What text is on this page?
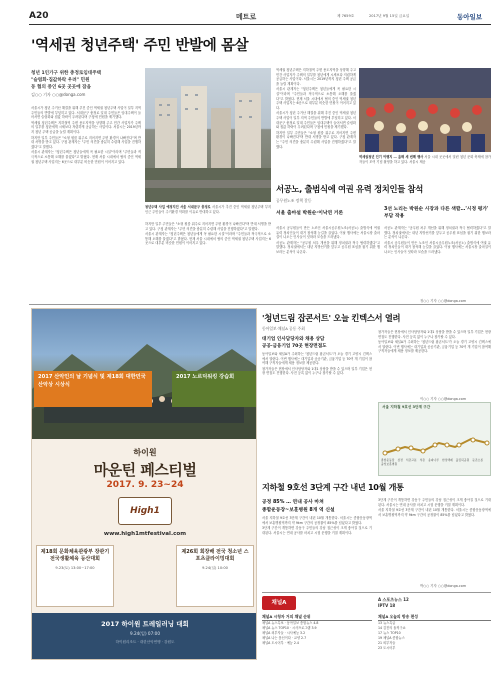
A20	메트로	제 7659호	2017년 9월 15일 금요일	동아일보
'역세권 청년주택' 주민 반발에 몸살
청년 1인가구 위한 충정로임대주택
"슬럼화·집값하락 우려" 민원
동 협의 중인 6곳 곳곳에 잡음
김○○ 기자 ○○@donga.com

서울시가 청년 주거난 해결을 위해 추진 중인 역세권 청년주택 사업이 일부 지역 주민들의 반발에 부딪히고 있다. 서대문구 충정로 일대 주민들은 임대주택이 들어서면 슬럼화와 집값 하락이 우려된다며 구청에 민원을 제기했다.

역세권 청년주택은 지하철역 주변 용도지역을 상향해 주고 민간 사업자가 주택의 일부를 청년에게 시세보다 저렴하게 공급하는 사업이다. 서울시는 2019년까지 청년 주택 공급을 늘릴 계획이다.

하지만 일부 주민들은 "소형 원룸 위주로 지어지면 주변 환경이 나빠진다"며 반대 서명을 받고 있다. 구청 관계자는 "주민 의견을 충분히 수렴해 사업을 진행하겠다"고 말했다.

서울시 관계자는 "청년주택은 청년들에게 꼭 필요한 시설"이라며 "주민들과 적극적으로 소통해 오해를 풀겠다"고 밝혔다. 현재 서울 시내에서 협의 중인 역세권 청년주택 사업지는 6곳으로 대부분 비슷한 민원이 이어지고 있다.

청년주택 사업 예정지인 서울 서대문구 충정로 서울시가 추진 중인 역세권 청년주택 부지 인근 주민들이 주거환경 악화를 이유로 반대하고 있다.

하지만 일부 주민들은 "소형 원룸 위주로 지어지면 주변 환경이 나빠진다"며 반대 서명을 받고 있다. 구청 관계자는 "주민 의견을 충분히 수렴해 사업을 진행하겠다"고 말했다.

서울시 관계자는 "청년주택은 청년들에게 꼭 필요한 시설"이라며 "주민들과 적극적으로 소통해 오해를 풀겠다"고 밝혔다. 현재 서울 시내에서 협의 중인 역세권 청년주택 사업지는 6곳으로 대부분 비슷한 민원이 이어지고 있다.

역세권 청년주택은 지하철역 주변 용도지역을 상향해 주고 민간 사업자가 주택의 일부를 청년에게 시세보다 저렴하게 공급하는 사업이다. 서울시는 2019년까지 청년 주택 공급을 늘릴 계획이다.

서울시 관계자는 "청년주택은 청년들에게 꼭 필요한 시설"이라며 "주민들과 적극적으로 소통해 오해를 풀겠다"고 밝혔다. 현재 서울 시내에서 협의 중인 역세권 청년주택 사업지는 6곳으로 대부분 비슷한 민원이 이어지고 있다.

서울시가 청년 주거난 해결을 위해 추진 중인 역세권 청년주택 사업이 일부 지역 주민들의 반발에 부딪히고 있다. 서대문구 충정로 일대 주민들은 임대주택이 들어서면 슬럼화와 집값 하락이 우려된다며 구청에 민원을 제기했다.

하지만 일부 주민들은 "소형 원룸 위주로 지어지면 주변 환경이 나빠진다"며 반대 서명을 받고 있다. 구청 관계자는 "주민 의견을 충분히 수렴해 사업을 진행하겠다"고 말했다.

역세권청년 인기 여행지 … 올해 세 번째 행사 서울 시내 곳곳에서 열린 청년 문화 축제에 참가자들이 모여 기념 촬영을 하고 있다. 서울시 제공
서공노, 출범식에 여권 유력 정치인들 참석
공무원노조 정책 갈등
서울 출마설 박원순·이낙연 거론
3선 노리는 박원순 시장과 다른 색깔…'시정 평가' 부담 작용

서울시 공무원들이 만든 노조인 서울시공무원노조(서공노) 출범식에 여권 유력 정치인들이 대거 참석해 눈길을 끌었다. 이날 행사에는 서울시장 출마설이 나오는 인사들이 잇따라 모습을 드러냈다.

서공노 관계자는 "공무원 처우 개선을 위해 정치권과 적극 협력하겠다"고 말했다. 정치권에서는 내년 지방선거를 앞두고 공무원 표심을 잡기 위한 행보라는 분석이 나온다.

서공노 관계자는 "공무원 처우 개선을 위해 정치권과 적극 협력하겠다"고 말했다. 정치권에서는 내년 지방선거를 앞두고 공무원 표심을 잡기 위한 행보라는 분석이 나온다.

서울시 공무원들이 만든 노조인 서울시공무원노조(서공노) 출범식에 여권 유력 정치인들이 대거 참석해 눈길을 끌었다. 이날 행사에는 서울시장 출마설이 나오는 인사들이 잇따라 모습을 드러냈다.

정○○ 기자 ○○@donga.com
2017 산악인의 날 기념식 및 제18회 대한민국 산악상 시상식
2017 노르딕워킹 강습회
하이원
마운틴 페스티벌
2017. 9. 23~24
High1
www.high1mtfestival.com
제18회 문화체육관광부 장관기 전국생활체육 등산대회
9.23(토) 13:00~17:00
제26회 회장배 전국 청소년 스포츠클라이밍대회
9.24(일) 10:00
2017 하이원 트레일러닝 대회
9.24(일) 07:00
하이원리조트 · 대한산악연맹 · 강원도
'청년드림 잡콘서트' 오늘 킨텍스서 열려
동아일보·채널A 공동 주최
대기업 인사담당자와 채용 상담
공공·금융기업 70곳 현장면접도

동아일보와 채널A가 주최하는 '청년드림 잡콘서트'가 오늘 경기 고양시 킨텍스에서 열린다. 이번 행사에는 대기업과 공공기관, 금융기업 등 70여 개 기업이 참여해 구직자들에게 채용 정보를 제공한다.

참가자들은 현장에서 인사담당자와 1대1 상담을 받을 수 있으며 일부 기업은 현장 면접도 진행한다. 사전 등록 없이 누구나 참가할 수 있다.

참가자들은 현장에서 인사담당자와 1대1 상담을 받을 수 있으며 일부 기업은 현장 면접도 진행한다. 사전 등록 없이 누구나 참가할 수 있다.

동아일보와 채널A가 주최하는 '청년드림 잡콘서트'가 오늘 경기 고양시 킨텍스에서 열린다. 이번 행사에는 대기업과 공공기관, 금융기업 등 70여 개 기업이 참여해 구직자들에게 채용 정보를 제공한다.

이○○ 기자 ○○@donga.com
서울 지하철 9호선 3단계 구간
종합운동장 삼전 석촌고분 석촌 송파나루 한성백제 올림픽공원 둔촌오륜
중앙보훈병원
지하철 9호선 3단계 구간 내년 10월 개통
공정 85% … 연내 공사 마쳐
종합운동장~보훈병원 8개 역 신설

서울 지하철 9호선 3단계 구간이 내년 10월 개통한다. 서울시는 종합운동장역에서 보훈병원역까지 약 9km 구간의 공정률이 85%를 넘었다고 밝혔다.

3단계 구간이 개통하면 강동구 주민들의 강남 접근성이 크게 좋아질 것으로 기대된다. 서울시는 연내 공사를 마치고 시험 운행을 거칠 계획이다.

3단계 구간이 개통하면 강동구 주민들의 강남 접근성이 크게 좋아질 것으로 기대된다. 서울시는 연내 공사를 마치고 시험 운행을 거칠 계획이다.

서울 지하철 9호선 3단계 구간이 내년 10월 개통한다. 서울시는 종합운동장역에서 보훈병원역까지 약 9km 구간의 공정률이 85%를 넘었다고 밝혔다.

박○○ 기자 ○○@donga.com
채널A
A 스포츠뉴스 12
IPTV 18
채널A 시청자 거의 채널 순위
채널A 뉴스특보 · 동아일보 종합뉴스 4.8
채널A 뉴스 TOP10 · 시사프로그램 3.9
채널A 외부자들 · 시사예능 3.2
채널A 나는 몸신이다 · 교양 2.7
채널A 도시어부 · 예능 2.4
채널A 오늘의 방송 편성
13 뉴스특급
14 김진의 돌직구쇼
17 뉴스 TOP10
19 채널A 종합뉴스
21 외부자들
23 도시어부
